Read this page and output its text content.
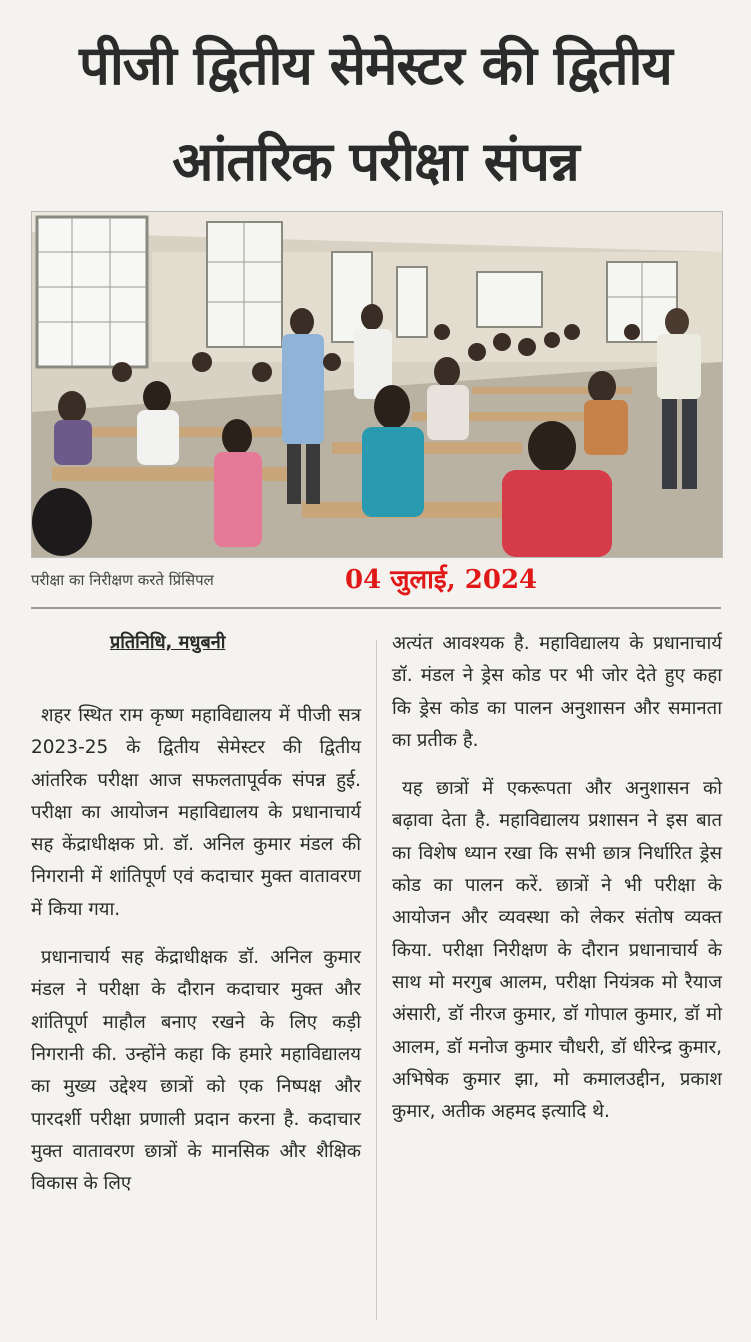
पीजी द्वितीय सेमेस्टर की द्वितीय
आंतरिक परीक्षा संपन्न
परीक्षा का निरीक्षण करते प्रिंसिपल	04 जुलाई, 2024
प्रतिनिधि, मधुबनी

शहर स्थित राम कृष्ण महाविद्यालय में पीजी सत्र 2023-25 के द्वितीय सेमेस्टर की द्वितीय आंतरिक परीक्षा आज सफलतापूर्वक संपन्न हुई. परीक्षा का आयोजन महाविद्यालय के प्रधानाचार्य सह केंद्राधीक्षक प्रो. डॉ. अनिल कुमार मंडल की निगरानी में शांतिपूर्ण एवं कदाचार मुक्त वातावरण में किया गया.

प्रधानाचार्य सह केंद्राधीक्षक डॉ. अनिल कुमार मंडल ने परीक्षा के दौरान कदाचार मुक्त और शांतिपूर्ण माहौल बनाए रखने के लिए कड़ी निगरानी की. उन्होंने कहा कि हमारे महाविद्यालय का मुख्य उद्देश्य छात्रों को एक निष्पक्ष और पारदर्शी परीक्षा प्रणाली प्रदान करना है. कदाचार मुक्त वातावरण छात्रों के मानसिक और शैक्षिक विकास के लिए

अत्यंत आवश्यक है. महाविद्यालय के प्रधानाचार्य डॉ. मंडल ने ड्रेस कोड पर भी जोर देते हुए कहा कि ड्रेस कोड का पालन अनुशासन और समानता का प्रतीक है.

यह छात्रों में एकरूपता और अनुशासन को बढ़ावा देता है. महाविद्यालय प्रशासन ने इस बात का विशेष ध्यान रखा कि सभी छात्र निर्धारित ड्रेस कोड का पालन करें. छात्रों ने भी परीक्षा के आयोजन और व्यवस्था को लेकर संतोष व्यक्त किया. परीक्षा निरीक्षण के दौरान प्रधानाचार्य के साथ मो मरगुब आलम, परीक्षा नियंत्रक मो रैयाज अंसारी, डॉ नीरज कुमार, डॉ गोपाल कुमार, डॉ मो आलम, डॉ मनोज कुमार चौधरी, डॉ धीरेन्द्र कुमार, अभिषेक कुमार झा, मो कमालउद्दीन, प्रकाश कुमार, अतीक अहमद इत्यादि थे.
